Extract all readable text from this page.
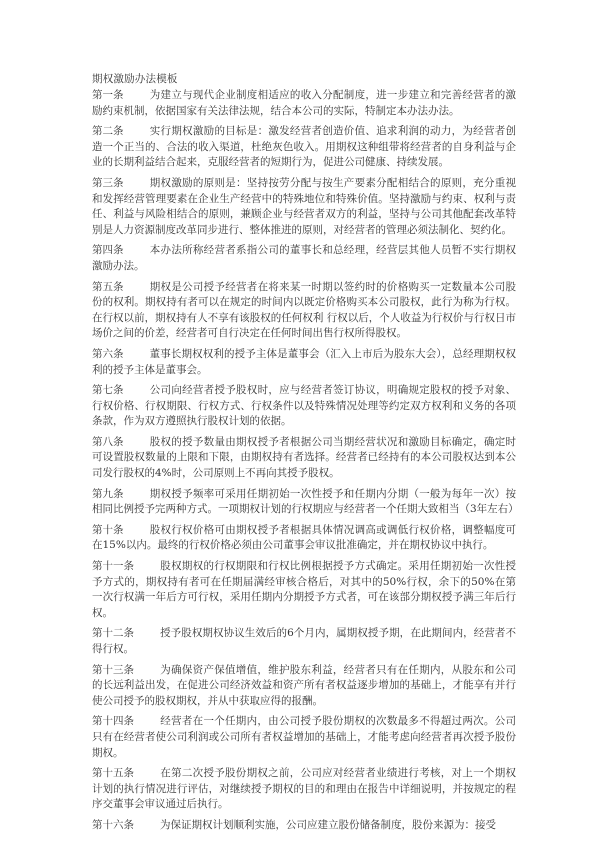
期权激励办法模板

第一条 为建立与现代企业制度相适应的收入分配制度，进一步建立和完善经营者的激励约束机制，依据国家有关法律法规，结合本公司的实际，特制定本办法办法。

第二条 实行期权激励的目标是：激发经营者创造价值、追求利润的动力，为经营者创造一个正当的、合法的收入渠道，杜绝灰色收入。用期权这种组带将经营者的自身利益与企业的长期利益结合起来，克服经营者的短期行为，促进公司健康、持续发展。

第三条 期权激励的原则是：坚持按劳分配与按生产要素分配相结合的原则，充分重视和发挥经营管理要素在企业生产经营中的特殊地位和特殊价值。坚持激励与约束、权利与责任、利益与风险相结合的原则，兼顾企业与经营者双方的利益，坚持与公司其他配套改革特别是人力资源制度改革同步进行、整体推进的原则，对经营者的管理必须法制化、契约化。

第四条 本办法所称经营者系指公司的董事长和总经理，经营层其他人员暂不实行期权激励办法。

第五条 期权是公司授予经营者在将来某一时期以签约时的价格购买一定数量本公司股份的权利。期权持有者可以在规定的时间内以既定价格购买本公司股权，此行为称为行权。在行权以前，期权持有人不享有该股权的任何权利 行权以后，个人收益为行权价与行权日市场价之间的价差，经营者可自行决定在任何时间出售行权所得股权。

第六条 董事长期权权利的授予主体是董事会（汇入上市后为股东大会），总经理期权权利的授予主体是董事会。

第七条 公司向经营者授予股权时，应与经营者签订协议，明确规定股权的授予对象、行权价格、行权期限、行权方式、行权条件以及特殊情况处理等约定双方权利和义务的各项条款，作为双方遵照执行股权计划的依据。

第八条 股权的授予数量由期权授予者根据公司当期经营状况和激励目标确定，确定时可设置股权数量的上限和下限，由期权持有者选择。经营者已经持有的本公司股权达到本公司发行股权的4%时，公司原则上不再向其授予股权。

第九条 期权授予频率可采用任期初始一次性授予和任期内分期（一般为每年一次）按相同比例授予完两种方式。一项期权计划的行权期应与经营者一个任期大致相当（3年左右）

第十条 股权行权价格可由期权授予者根据具体情况调高或调低行权价格，调整幅度可在15%以内。最终的行权价格必须由公司董事会审议批准确定，并在期权协议中执行。

第十一条 股权期权的行权期限和行权比例根据授予方式确定。采用任期初始一次性授予方式的，期权持有者可在任期届满经审核合格后，对其中的50%行权，余下的50%在第一次行权满一年后方可行权，采用任期内分期授予方式者，可在该部分期权授予满三年后行权。

第十二条 授予股权期权协议生效后的6个月内，属期权授予期，在此期间内，经营者不得行权。

第十三条 为确保资产保值增值，维护股东利益，经营者只有在任期内，从股东和公司的长远利益出发，在促进公司经济效益和资产所有者权益逐步增加的基础上，才能享有并行使公司授予的股权期权，并从中获取应得的报酬。

第十四条 经营者在一个任期内，由公司授予股份期权的次数最多不得超过两次。公司只有在经营者使公司利润或公司所有者权益增加的基础上，才能考虑向经营者再次授予股份期权。

第十五条 在第二次授予股份期权之前，公司应对经营者业绩进行考核，对上一个期权计划的执行情况进行评估，对继续授予期权的目的和理由在报告中详细说明，并按规定的程序交董事会审议通过后执行。

第十六条 为保证期权计划顺利实施，公司应建立股份储备制度，股份来源为：接受
